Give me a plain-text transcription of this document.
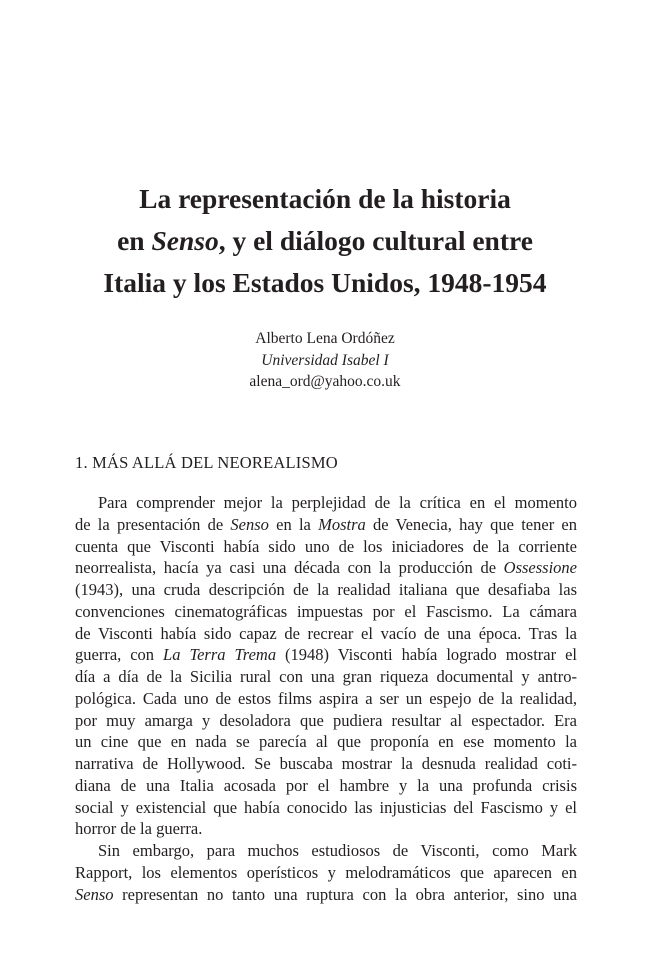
La representación de la historia
en Senso, y el diálogo cultural entre
Italia y los Estados Unidos, 1948-1954
Alberto Lena Ordóñez
Universidad Isabel I
alena_ord@yahoo.co.uk
1. MÁS ALLÁ DEL NEOREALISMO
Para comprender mejor la perplejidad de la crítica en el momento
de la presentación de Senso en la Mostra de Venecia, hay que tener en
cuenta que Visconti había sido uno de los iniciadores de la corriente
neorrealista, hacía ya casi una década con la producción de Ossessione
(1943), una cruda descripción de la realidad italiana que desafiaba las
convenciones cinematográficas impuestas por el Fascismo. La cámara
de Visconti había sido capaz de recrear el vacío de una época. Tras la
guerra, con La Terra Trema (1948) Visconti había logrado mostrar el
día a día de la Sicilia rural con una gran riqueza documental y antro-
pológica. Cada uno de estos films aspira a ser un espejo de la realidad,
por muy amarga y desoladora que pudiera resultar al espectador. Era
un cine que en nada se parecía al que proponía en ese momento la
narrativa de Hollywood. Se buscaba mostrar la desnuda realidad coti-
diana de una Italia acosada por el hambre y la una profunda crisis
social y existencial que había conocido las injusticias del Fascismo y el
horror de la guerra.
Sin embargo, para muchos estudiosos de Visconti, como Mark
Rapport, los elementos operísticos y melodramáticos que aparecen en
Senso representan no tanto una ruptura con la obra anterior, sino una
